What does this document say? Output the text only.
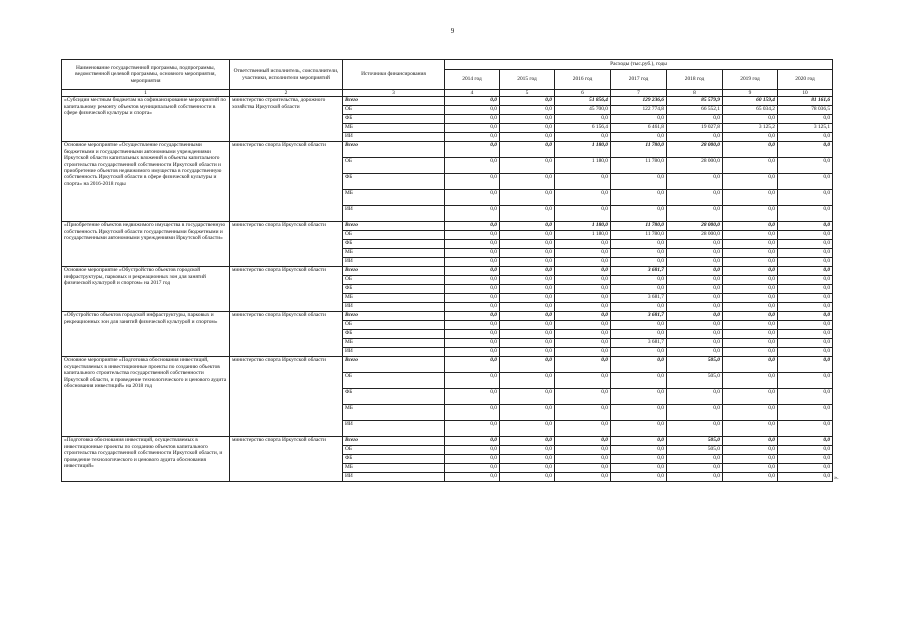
9
Наименование государственной программы, подпрограммы, ведомственной целевой программы, основного мероприятия, мероприятия	Ответственный исполнитель, соисполнители, участники, исполнители мероприятий	Источники финансирования	Расходы (тыс.руб.), годы						
			2014 год	2015 год	2016 год	2017 год	2018 год	2019 год	2020 год
1	2	3	4	5	6	7	8	9	10
«Субсидии местным бюджетам на софинансирование мероприятий по капитальному ремонту объектов муниципальной собственности в сфере физической культуры и спорта»	министерство строительства, дорожного хозяйства Иркутской области	Всего	0,0	0,0	51 856,4	129 236,6	85 579,9	60 159,4	81 161,6
		ОБ	0,0	0,0	45 700,0	122 774,8	66 552,1	65 034,2	78 036,5
		ФБ	0,0	0,0	0,0	0,0	0,0	0,0	0,0
		МБ	0,0	0,0	6 156,4	6 461,8	19 027,8	3 125,2	3 125,1
		ИИ	0,0	0,0	0,0	0,0	0,0	0,0	0,0
Основное мероприятие «Осуществление государственными бюджетными и государственными автономными учреждениями Иркутской области капитальных вложений в объекты капитального строительства государственной собственности Иркутской области и приобретение объектов недвижимого имущества в государственную собственность Иркутской области в сфере физической культуры и спорта» на 2016-2018 годы	министерство спорта Иркутской области	Всего	0,0	0,0	1 180,0	11 780,0	28 000,0	0,0	0,0
		ОБ	0,0	0,0	1 180,0	11 780,0	28 000,0	0,0	0,0
		ФБ	0,0	0,0	0,0	0,0	0,0	0,0	0,0
		МБ	0,0	0,0	0,0	0,0	0,0	0,0	0,0
		ИИ	0,0	0,0	0,0	0,0	0,0	0,0	0,0
«Приобретение объектов недвижимого имущества в государственную собственность Иркутской области государственными бюджетными и государственными автономными учреждениями Иркутской области»	министерство спорта Иркутской области	Всего	0,0	0,0	1 180,0	11 780,0	28 000,0	0,0	0,0
		ОБ	0,0	0,0	1 180,0	11 780,0	28 000,0	0,0	0,0
		ФБ	0,0	0,0	0,0	0,0	0,0	0,0	0,0
		МБ	0,0	0,0	0,0	0,0	0,0	0,0	0,0
		ИИ	0,0	0,0	0,0	0,0	0,0	0,0	0,0
Основное мероприятие «Обустройство объектов городской инфраструктуры, парковых и рекреационных зон для занятий физической культурой и спортом» на 2017 год	министерство спорта Иркутской области	Всего	0,0	0,0	0,0	3 681,7	0,0	0,0	0,0
		ОБ	0,0	0,0	0,0	0,0	0,0	0,0	0,0
		ФБ	0,0	0,0	0,0	0,0	0,0	0,0	0,0
		МБ	0,0	0,0	0,0	3 681,7	0,0	0,0	0,0
		ИИ	0,0	0,0	0,0	0,0	0,0	0,0	0,0
«Обустройство объектов городской инфраструктуры, парковых и рекреационных зон для занятий физической культурой и спортом»	министерство спорта Иркутской области	Всего	0,0	0,0	0,0	3 681,7	0,0	0,0	0,0
		ОБ	0,0	0,0	0,0	0,0	0,0	0,0	0,0
		ФБ	0,0	0,0	0,0	0,0	0,0	0,0	0,0
		МБ	0,0	0,0	0,0	3 681,7	0,0	0,0	0,0
		ИИ	0,0	0,0	0,0	0,0	0,0	0,0	0,0
Основное мероприятие «Подготовка обоснования инвестиций, осуществляемых в инвестиционные проекты по созданию объектов капитального строительства государственной собственности Иркутской области, и проведение технологического и ценового аудита обоснования инвестиций» на 2018 год	министерство спорта Иркутской области	Всего	0,0	0,0	0,0	0,0	505,0	0,0	0,0
		ОБ	0,0	0,0	0,0	0,0	505,0	0,0	0,0
		ФБ	0,0	0,0	0,0	0,0	0,0	0,0	0,0
		МБ	0,0	0,0	0,0	0,0	0,0	0,0	0,0
		ИИ	0,0	0,0	0,0	0,0	0,0	0,0	0,0
«Подготовка обоснования инвестиций, осуществляемых в инвестиционные проекты по созданию объектов капитального строительства государственной собственности Иркутской области, и проведение технологического и ценового аудита обоснования инвестиций»	министерство спорта Иркутской области	Всего	0,0	0,0	0,0	0,0	505,0	0,0	0,0
		ОБ	0,0	0,0	0,0	0,0	505,0	0,0	0,0
		ФБ	0,0	0,0	0,0	0,0	0,0	0,0	0,0
		МБ	0,0	0,0	0,0	0,0	0,0	0,0	0,0
		ИИ	0,0	0,0	0,0	0,0	0,0	0,0	0,0 ».
